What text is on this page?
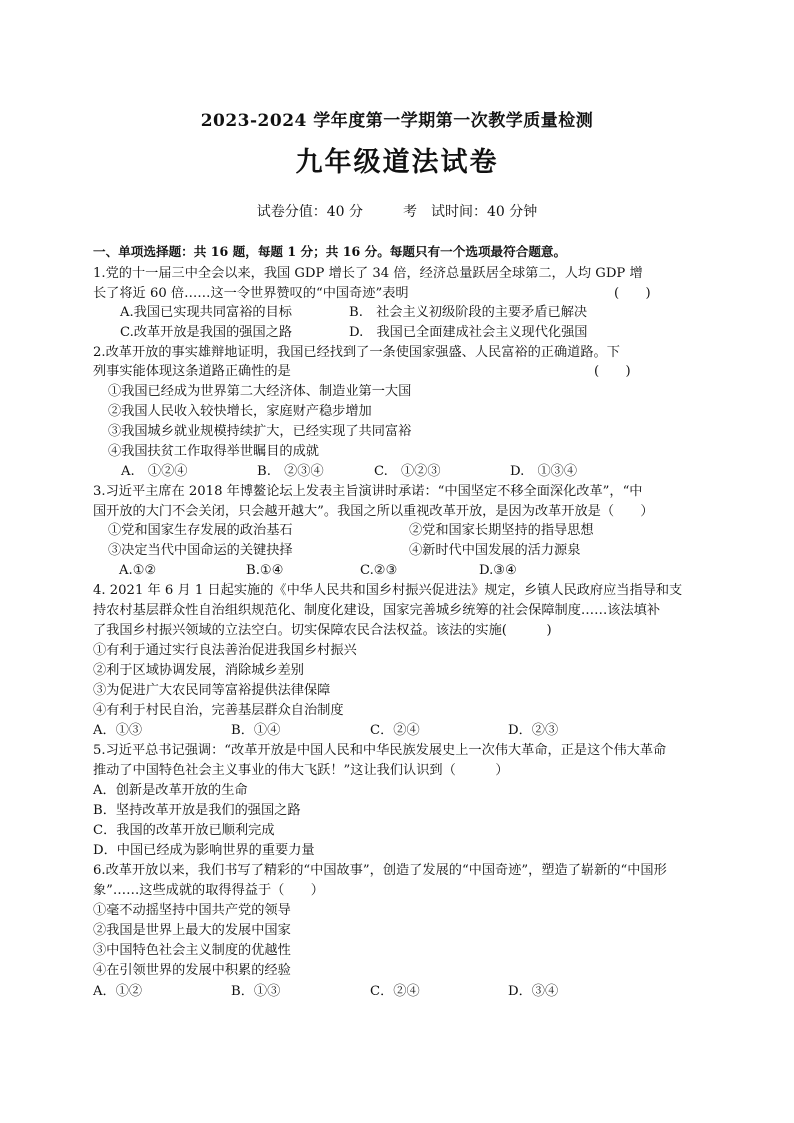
2023-2024 学年度第一学期第一次教学质量检测
九年级道法试卷
试卷分值：40 分	考　试时间：40 分钟
一、单项选择题：共 16 题，每题 1 分；共 16 分。每题只有一个选项最符合题意。
1.党的十一届三中全会以来，我国 GDP 增长了 34 倍，经济总量跃居全球第二，人均 GDP 增
长了将近 60 倍……这一令世界赞叹的“中国奇迹”表明	(　　)
A.我国已实现共同富裕的目标	B.　社会主义初级阶段的主要矛盾已解决
C.改革开放是我国的强国之路	D.　我国已全面建成社会主义现代化强国
2.改革开放的事实雄辩地证明，我国已经找到了一条使国家强盛、人民富裕的正确道路。下
列事实能体现这条道路正确性的是	(　　)
①我国已经成为世界第二大经济体、制造业第一大国
②我国人民收入较快增长，家庭财产稳步增加
③我国城乡就业规模持续扩大，已经实现了共同富裕
④我国扶贫工作取得举世瞩目的成就
A.　①②④	B.　②③④	C.　①②③	D.　①③④
3.习近平主席在 2018 年博鳌论坛上发表主旨演讲时承诺：“中国坚定不移全面深化改革”，“中
国开放的大门不会关闭，只会越开越大”。我国之所以重视改革开放，是因为改革开放是（　　）
①党和国家生存发展的政治基石	②党和国家长期坚持的指导思想
③决定当代中国命运的关键抉择	④新时代中国发展的活力源泉
A.①②	B.①④	C.②③	D.③④
4. 2021 年 6 月 1 日起实施的《中华人民共和国乡村振兴促进法》规定，乡镇人民政府应当指导和支
持农村基层群众性自治组织规范化、制度化建设，国家完善城乡统筹的社会保障制度……该法填补
了我国乡村振兴领域的立法空白。切实保障农民合法权益。该法的实施(　　　)
①有利于通过实行良法善治促进我国乡村振兴
②利于区域协调发展，消除城乡差别
③为促进广大农民同等富裕提供法律保障
④有利于村民自治，完善基层群众自治制度
A．①③	B．①④	C．②④	D．②③
5.习近平总书记强调：“改革开放是中国人民和中华民族发展史上一次伟大革命，正是这个伟大革命
推动了中国特色社会主义事业的伟大飞跃！”这让我们认识到（　　　）
A．创新是改革开放的生命
B．坚持改革开放是我们的强国之路
C．我国的改革开放已顺利完成
D．中国已经成为影响世界的重要力量
6.改革开放以来，我们书写了精彩的“中国故事”，创造了发展的“中国奇迹”，塑造了崭新的“中国形
象”……这些成就的取得得益于（　　）
①毫不动摇坚持中国共产党的领导
②我国是世界上最大的发展中国家
③中国特色社会主义制度的优越性
④在引领世界的发展中积累的经验
A．①②	B．①③	C．②④	D．③④
